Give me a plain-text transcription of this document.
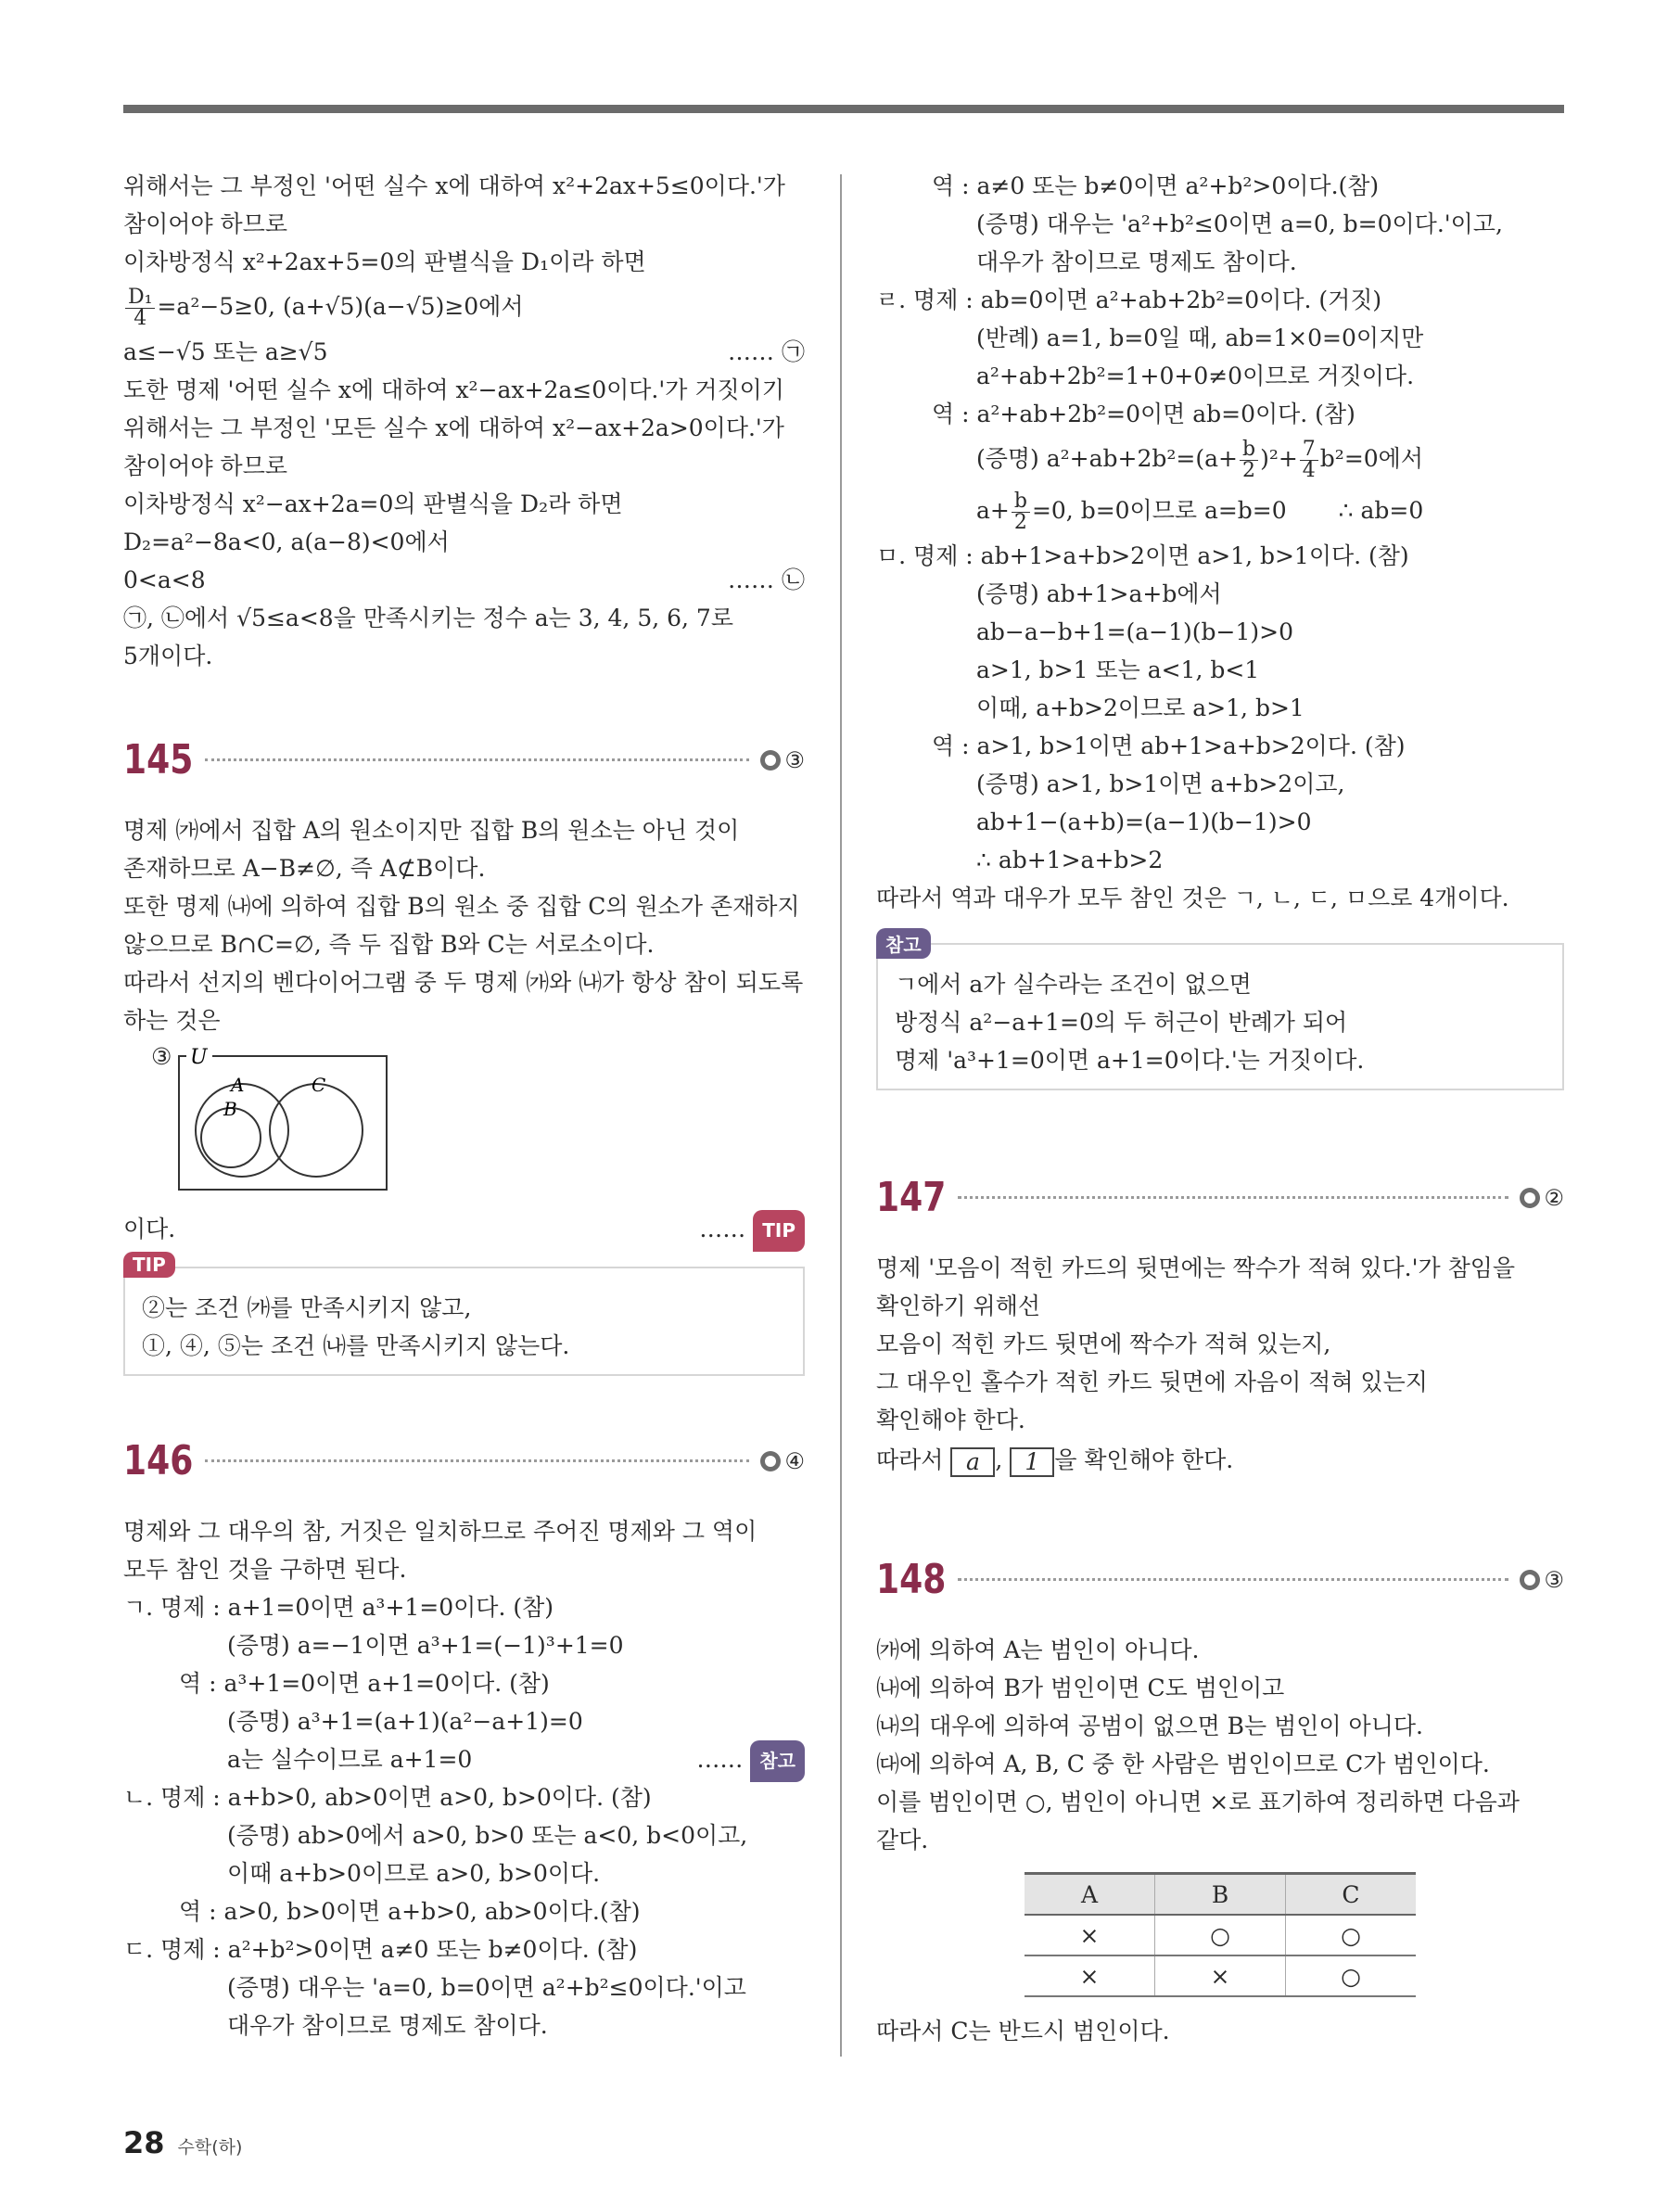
위해서는 그 부정인 '어떤 실수 x에 대하여 x²+2ax+5≤0이다.'가
참이어야 하므로
이차방정식 x²+2ax+5=0의 판별식을 D₁이라 하면
$\frac{\text{D₁}}{4} =a^2-5\ge 0$, (a+√5)(a−√5)≥0에서
a≤−√5 또는 a≥√5	…… ㉠
도한 명제 '어떤 실수 x에 대하여 x²−ax+2a≤0이다.'가 거짓이기
위해서는 그 부정인 '모든 실수 x에 대하여 x²−ax+2a>0이다.'가
참이어야 하므로
이차방정식 x²−ax+2a=0의 판별식을 D₂라 하면
D₂=a²−8a<0, a(a−8)<0에서
0<a<8	…… ㉡
㉠, ㉡에서 √5≤a<8을 만족시키는 정수 a는 3, 4, 5, 6, 7로
5개이다.
145	③
명제 ㈎에서 집합 A의 원소이지만 집합 B의 원소는 아닌 것이
존재하므로 A−B≠∅, 즉 A⊄B이다.
또한 명제 ㈏에 의하여 집합 B의 원소 중 집합 C의 원소가 존재하지
않으므로 B∩C=∅, 즉 두 집합 B와 C는 서로소이다.
따라서 선지의 벤다이어그램 중 두 명제 ㈎와 ㈏가 항상 참이 되도록
하는 것은
③ U
A
B
C
이다.	…… TIP
TIP
②는 조건 ㈎를 만족시키지 않고,
①, ④, ⑤는 조건 ㈏를 만족시키지 않는다.
146	④
명제와 그 대우의 참, 거짓은 일치하므로 주어진 명제와 그 역이
모두 참인 것을 구하면 된다.
ㄱ. 명제 : a+1=0이면 a³+1=0이다. (참)
(증명) a=−1이면 a³+1=(−1)³+1=0
역 : a³+1=0이면 a+1=0이다. (참)
(증명) a³+1=(a+1)(a²−a+1)=0
a는 실수이므로 a+1=0	…… 참고
ㄴ. 명제 : a+b>0, ab>0이면 a>0, b>0이다. (참)
(증명) ab>0에서 a>0, b>0 또는 a<0, b<0이고,
이때 a+b>0이므로 a>0, b>0이다.
역 : a>0, b>0이면 a+b>0, ab>0이다.(참)
ㄷ. 명제 : a²+b²>0이면 a≠0 또는 b≠0이다. (참)
(증명) 대우는 'a=0, b=0이면 a²+b²≤0이다.'이고
대우가 참이므로 명제도 참이다.
역 : a≠0 또는 b≠0이면 a²+b²>0이다.(참)
(증명) 대우는 'a²+b²≤0이면 a=0, b=0이다.'이고,
대우가 참이므로 명제도 참이다.
ㄹ. 명제 : ab=0이면 a²+ab+2b²=0이다. (거짓)
(반례) a=1, b=0일 때, ab=1×0=0이지만
a²+ab+2b²=1+0+0≠0이므로 거짓이다.
역 : a²+ab+2b²=0이면 ab=0이다. (참)
(증명) $a^2+ab+2b^2=(a+ \frac{b}{2} )^2+ \frac{7}{4} b^2=0$에서
$a+ \frac{b}{2} =0$, b=0이므로 a=b=0 ∴ ab=0
ㅁ. 명제 : ab+1>a+b>2이면 a>1, b>1이다. (참)
(증명) ab+1>a+b에서
ab−a−b+1=(a−1)(b−1)>0
a>1, b>1 또는 a<1, b<1
이때, a+b>2이므로 a>1, b>1
역 : a>1, b>1이면 ab+1>a+b>2이다. (참)
(증명) a>1, b>1이면 a+b>2이고,
ab+1−(a+b)=(a−1)(b−1)>0
∴ ab+1>a+b>2
따라서 역과 대우가 모두 참인 것은 ㄱ, ㄴ, ㄷ, ㅁ으로 4개이다.
참고
ㄱ에서 a가 실수라는 조건이 없으면
방정식 a²−a+1=0의 두 허근이 반례가 되어
명제 'a³+1=0이면 a+1=0이다.'는 거짓이다.
147	②
명제 '모음이 적힌 카드의 뒷면에는 짝수가 적혀 있다.'가 참임을
확인하기 위해선
모음이 적힌 카드 뒷면에 짝수가 적혀 있는지,
그 대우인 홀수가 적힌 카드 뒷면에 자음이 적혀 있는지
확인해야 한다.
따라서 a , 1 을 확인해야 한다.
148	③
㈎에 의하여 A는 범인이 아니다.
㈏에 의하여 B가 범인이면 C도 범인이고
㈏의 대우에 의하여 공범이 없으면 B는 범인이 아니다.
㈐에 의하여 A, B, C 중 한 사람은 범인이므로 C가 범인이다.
이를 범인이면 ○, 범인이 아니면 ×로 표기하여 정리하면 다음과
같다.
A	B	C
×	○	○
×	×	○
따라서 C는 반드시 범인이다.
28 수학(하)
